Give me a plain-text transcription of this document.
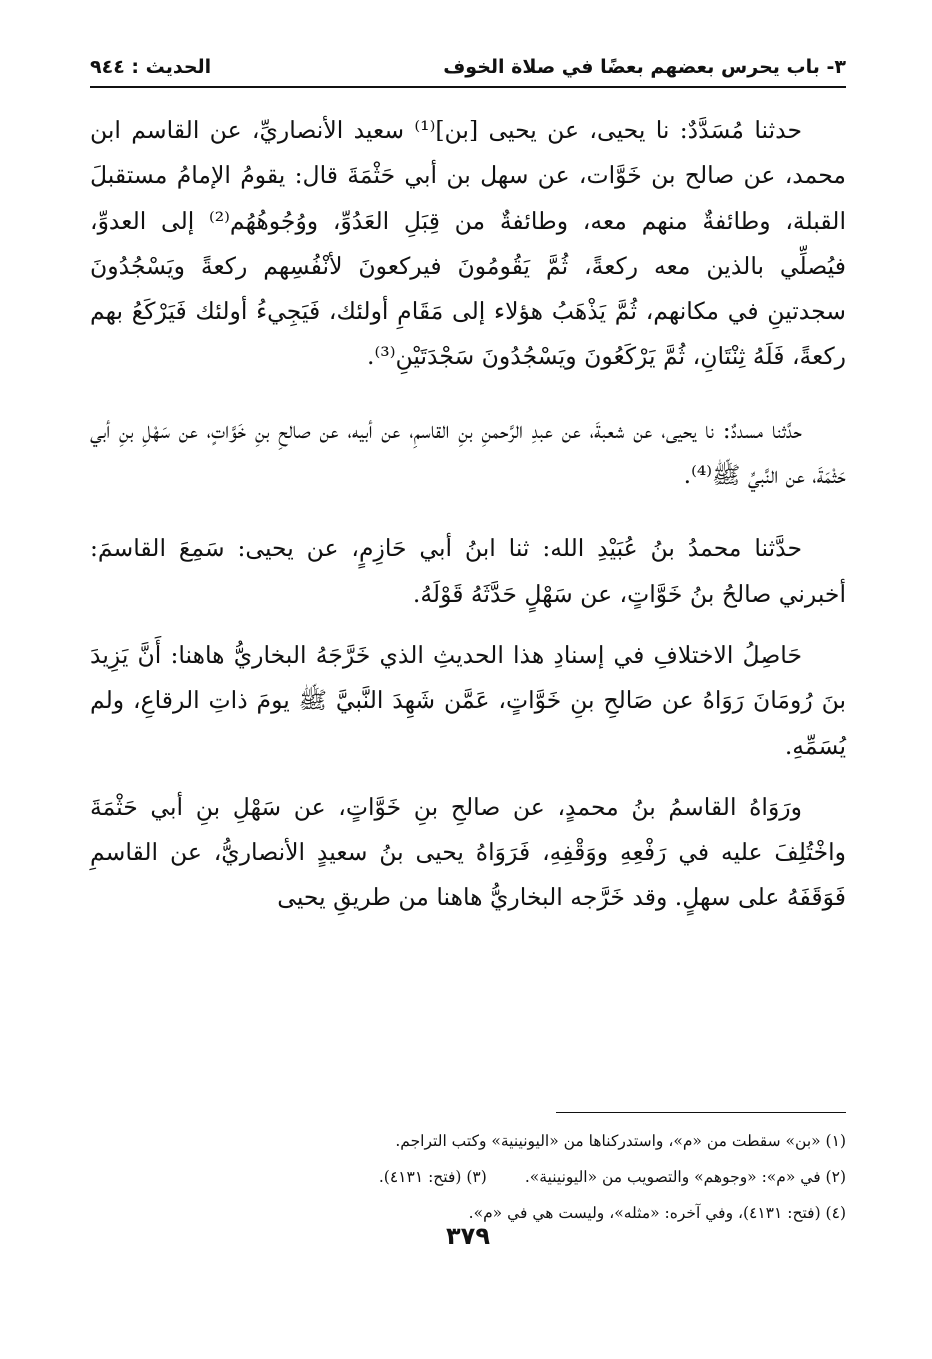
٣- باب يحرس بعضهم بعضًا في صلاة الخوف
الحديث : ٩٤٤

حدثنا مُسَدَّدٌ: نا يحيى، عن يحيى [بن]⁽¹⁾ سعيد الأنصاريِّ، عن القاسم ابن محمد، عن صالح بن خَوَّات، عن سهل بن أبي حَثْمَةَ قال: يقومُ الإمامُ مستقبلَ القبلة، وطائفةٌ منهم معه، وطائفةٌ من قِبَلِ العَدُوِّ، ووُجُوهُهُم⁽²⁾ إلى العدوِّ، فيُصلِّي بالذين معه ركعةً، ثُمَّ يَقُومُونَ فيركعونَ لأنْفُسِهم ركعةً ويَسْجُدُونَ سجدتينِ في مكانهم، ثُمَّ يَذْهَبُ هؤلاء إلى مَقَامِ أولئك، فَيَجِيءُ أولئك فَيَرْكَعُ بهم ركعةً، فَلَهُ ثِنْتَانِ، ثُمَّ يَرْكَعُونَ ويَسْجُدُونَ سَجْدَتَيْنِ⁽³⁾.

حدَّثنا مسددٌ: نا يحيى، عن شعبةَ، عن عبدِ الرَّحمنِ بنِ القاسمِ، عن أبيه، عن صالحِ بنِ خَوَّاتٍ، عن سَهْلِ بنِ أبي حَثْمَةَ، عن النَّبيِّ ﷺ⁽⁴⁾.

حدَّثنا محمدُ بنُ عُبَيْدِ الله: ثنا ابنُ أبي حَازِمٍ، عن يحيى: سَمِعَ القاسمَ: أخبرني صالحُ بنُ خَوَّاتٍ، عن سَهْلٍ حَدَّثَهُ قَوْلَهُ.

حَاصِلُ الاختلافِ في إسنادِ هذا الحديثِ الذي خَرَّجَهُ البخاريُّ هاهنا: أَنَّ يَزِيدَ بنَ رُومَانَ رَوَاهُ عن صَالحِ بنِ خَوَّاتٍ، عَمَّن شَهِدَ النَّبيَّ ﷺ يومَ ذاتِ الرقاعِ، ولم يُسَمِّهِ.

ورَوَاهُ القاسمُ بنُ محمدٍ، عن صالحِ بنِ خَوَّاتٍ، عن سَهْلِ بنِ أبي حَثْمَةَ واخْتُلِفَ عليه في رَفْعِهِ ووَقْفِهِ، فَرَوَاهُ يحيى بنُ سعيدٍ الأنصاريُّ، عن القاسمِ فَوَقَفَهُ على سهلٍ. وقد خَرَّجه البخاريُّ هاهنا من طريقِ يحيى

(١) «بن» سقطت من «م»، واستدركناها من «اليونينية» وكتب التراجم.
(٢) في «م»: «وجوهم» والتصويب من «اليونينية».
(٣) (فتح: ٤١٣١).
(٤) (فتح: ٤١٣١)، وفي آخره: «مثله»، وليست هي في «م».
٣٧٩
